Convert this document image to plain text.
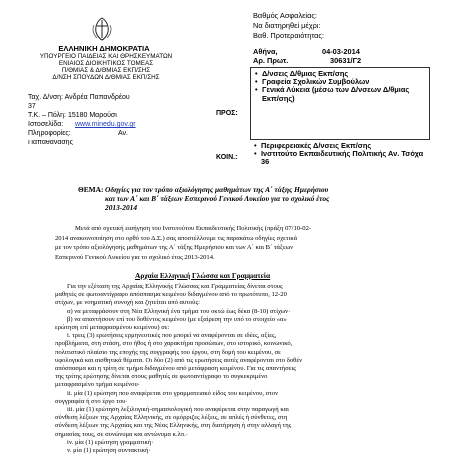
ΕΛΛΗΝΙΚΗ ΔΗΜΟΚΡΑΤΙΑ
ΥΠΟΥΡΓΕΙΟ ΠΑΙΔΕΙΑΣ ΚΑΙ ΘΡΗΣΚΕΥΜΑΤΩΝ
ΕΝΙΑΙΟΣ ΔΙΟΙΚΗΤΙΚΟΣ ΤΟΜΕΑΣ
Π/ΘΜΙΑΣ & Δ/ΘΜΙΑΣ ΕΚΠ/ΣΗΣ
Δ/ΝΣΗ ΣΠΟΥΔΩΝ Δ/ΘΜΙΑΣ ΕΚΠ/ΣΗΣ
Βαθμός Ασφαλείας:
Να διατηρηθεί μέχρι:
Βαθ. Προτεραιότητας:
Αθήνα,	04-03-2014
Αρ. Πρωτ.	30631/Γ2
Ταχ. Δ/νση: Ανδρέα Παπανδρέου
37
Τ.Κ. – Πόλη: 15180 Μαρούσι
Ιστοσελίδα: www.minedu.gov.gr
Πληροφορίες:	Αν.
Παπαθανάσης
ΠΡΟΣ:
• Δ/νσεις Δ/θμιας Εκπ/σης
• Γραφεία Σχολικών Συμβούλων
• Γενικά Λύκεια (μέσω των Δ/νσεων Δ/θμιας Εκπ/σης)
ΚΟΙΝ.:
• Περιφερειακές Δ/νσεις Εκπ/σης
• Ινστιτούτο Εκπαιδευτικής Πολιτικής Αν. Τσόχα 36
ΘΕΜΑ: Οδηγίες για τον τρόπο αξιολόγησης μαθημάτων της Α΄ τάξης Ημερήσιου
και των Α΄ και Β΄ τάξεων Εσπερινού Γενικού Λυκείου για το σχολικό έτος
2013-2014
Μετά από σχετική εισήγηση του Ινστιτούτου Εκπαιδευτικής Πολιτικής (πράξη 07/10-02-
2014 ανακοινοποίηση στο ορθό του Δ.Σ.) σας αποστέλλουμε τις παρακάτω οδηγίες σχετικά
με τον τρόπο αξιολόγησης μαθημάτων της Α΄ τάξης Ημερήσιου και των Α΄ και Β΄ τάξεων
Εσπερινού Γενικού Λυκείου για το σχολικό έτος 2013-2014.
Αρχαία Ελληνική Γλώσσα και Γραμματεία
Για την εξέταση της Αρχαίας Ελληνικής Γλώσσας και Γραμματείας δίνεται στους
μαθητές σε φωτοαντίγραφο απόσπασμα κειμένου διδαγμένου από το πρωτότυπο, 12-20
στίχων, με νοηματική συνοχή και ζητείται από αυτούς:
α) να μεταφράσουν στη Νέα Ελληνική ένα τμήμα του οκτώ έως δέκα (8-10) στίχων·
β) να απαντήσουν επί του δοθέντος κειμένου (με εξαίρεση την υπό το στοιχείο «α»
ερώτηση επί μεταφρασμένου κειμένου) σε:
i. τρεις (3) ερωτήσεις ερμηνευτικές που μπορεί να αναφέρονται σε ιδέες, αξίες,
προβλήματα, στη στάση, στο ήθος ή στο χαρακτήρα προσώπων, στο ιστορικό, κοινωνικό,
πολιτιστικό πλαίσιο της εποχής της συγγραφής του έργου, στη δομή του κειμένου, σε
υφολογικά και αισθητικά θέματα. Οι δύο (2) από τις ερωτήσεις αυτές αναφέρονται στο δοθέν
απόσπασμα και η τρίτη σε τμήμα διδαγμένου από μετάφραση κειμένου. Για τις απαντήσεις
της τρίτης ερώτησης δίνεται στους μαθητές σε φωτοαντίγραφο το συγκεκριμένο
μεταφρασμένο τμήμα κειμένου·
ii. μία (1) ερώτηση που αναφέρεται στο γραμματειακό είδος του κειμένου, στον
συγγραφέα ή στο έργο του·
iii. μία (1) ερώτηση λεξιλογική-σημασιολογική που αναφέρεται στην παραγωγή και
σύνθεση λέξεων της Αρχαίας Ελληνικής, σε ομόρριζες λέξεις, σε απλές ή σύνθετες, στη
σύνδεση λέξεων της Αρχαίας και της Νέας Ελληνικής, στη διατήρηση ή στην αλλαγή της
σημασίας τους, σε συνώνυμα και αντώνυμα κ.λπ.·
iv. μία (1) ερώτηση γραμματική·
v. μία (1) ερώτηση συντακτική·
